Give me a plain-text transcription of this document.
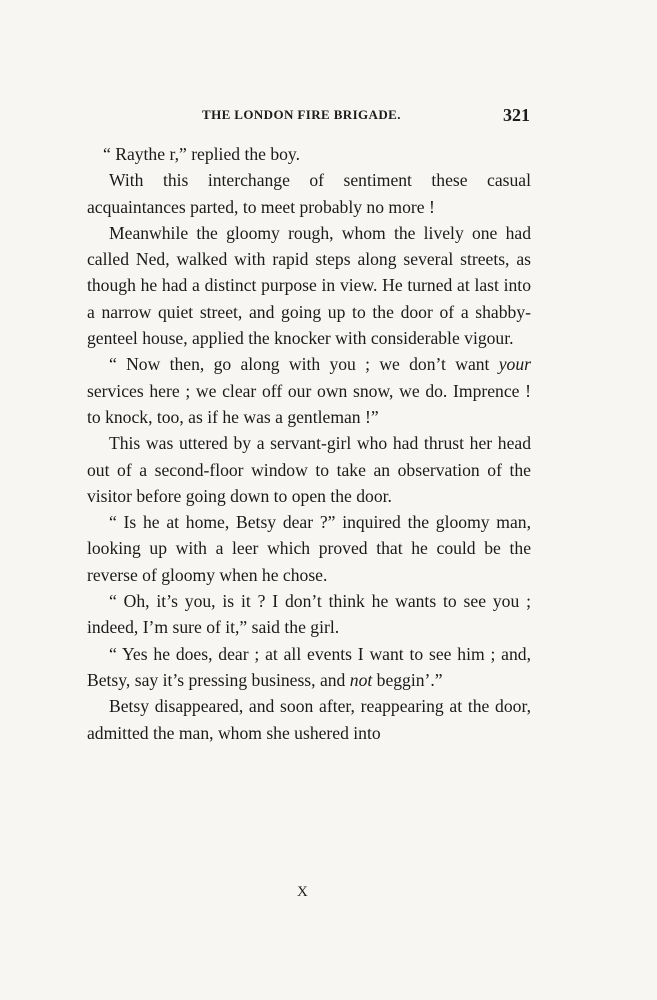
THE LONDON FIRE BRIGADE.	321

“ Raythe r,” replied the boy.

With this interchange of sentiment these casual acquaintances parted, to meet probably no more !

Meanwhile the gloomy rough, whom the lively one had called Ned, walked with rapid steps along several streets, as though he had a distinct purpose in view. He turned at last into a narrow quiet street, and going up to the door of a shabby-genteel house, applied the knocker with considerable vigour.

“ Now then, go along with you ; we don’t want your services here ; we clear off our own snow, we do. Imprence ! to knock, too, as if he was a gentleman !”

This was uttered by a servant-girl who had thrust her head out of a second-floor window to take an observation of the visitor before going down to open the door.

“ Is he at home, Betsy dear ?” inquired the gloomy man, looking up with a leer which proved that he could be the reverse of gloomy when he chose.

“ Oh, it’s you, is it ? I don’t think he wants to see you ; indeed, I’m sure of it,” said the girl.

“ Yes he does, dear ; at all events I want to see him ; and, Betsy, say it’s pressing business, and not beggin’.”

Betsy disappeared, and soon after, reappearing at the door, admitted the man, whom she ushered into

X
